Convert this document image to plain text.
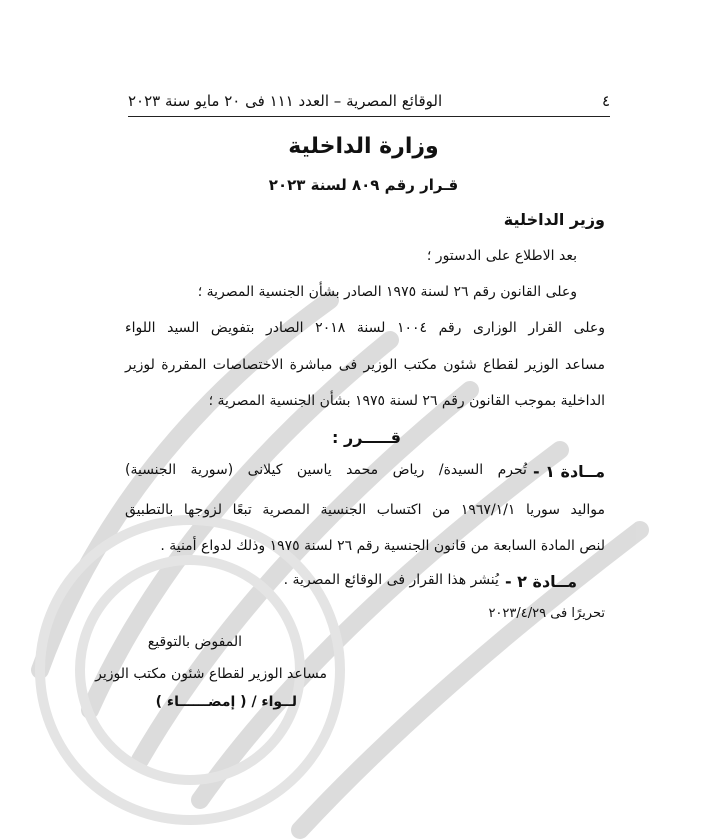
٤
الوقائع المصرية – العدد ١١١ فى ٢٠ مايو سنة ٢٠٢٣
وزارة الداخلية
قـرار رقم ٨٠٩ لسنة ٢٠٢٣
وزير الداخلية
بعد الاطلاع على الدستور ؛
وعلى القانون رقم ٢٦ لسنة ١٩٧٥ الصادر بشأن الجنسية المصرية ؛
وعلى القرار الوزارى رقم ١٠٠٤ لسنة ٢٠١٨ الصادر بتفويض السيد اللواء
مساعد الوزير لقطاع شئون مكتب الوزير فى مباشرة الاختصاصات المقررة لوزير
الداخلية بموجب القانون رقم ٢٦ لسنة ١٩٧٥ بشأن الجنسية المصرية ؛
قـــــرر :
مــادة ١ -
تُحرم السيدة/ رياض محمد ياسين كيلانى (سورية الجنسية)
مواليد سوريا ١٩٦٧/١/١ من اكتساب الجنسية المصرية تبعًا لزوجها بالتطبيق
لنص المادة السابعة من قانون الجنسية رقم ٢٦ لسنة ١٩٧٥ وذلك لدواع أمنية .
مــادة ٢ -
يُنشر هذا القرار فى الوقائع المصرية .
تحريرًا فى ٢٠٢٣/٤/٢٩
المفوض بالتوقيع
مساعد الوزير لقطاع شئون مكتب الوزير
لــواء / ( إمضــــــاء )
